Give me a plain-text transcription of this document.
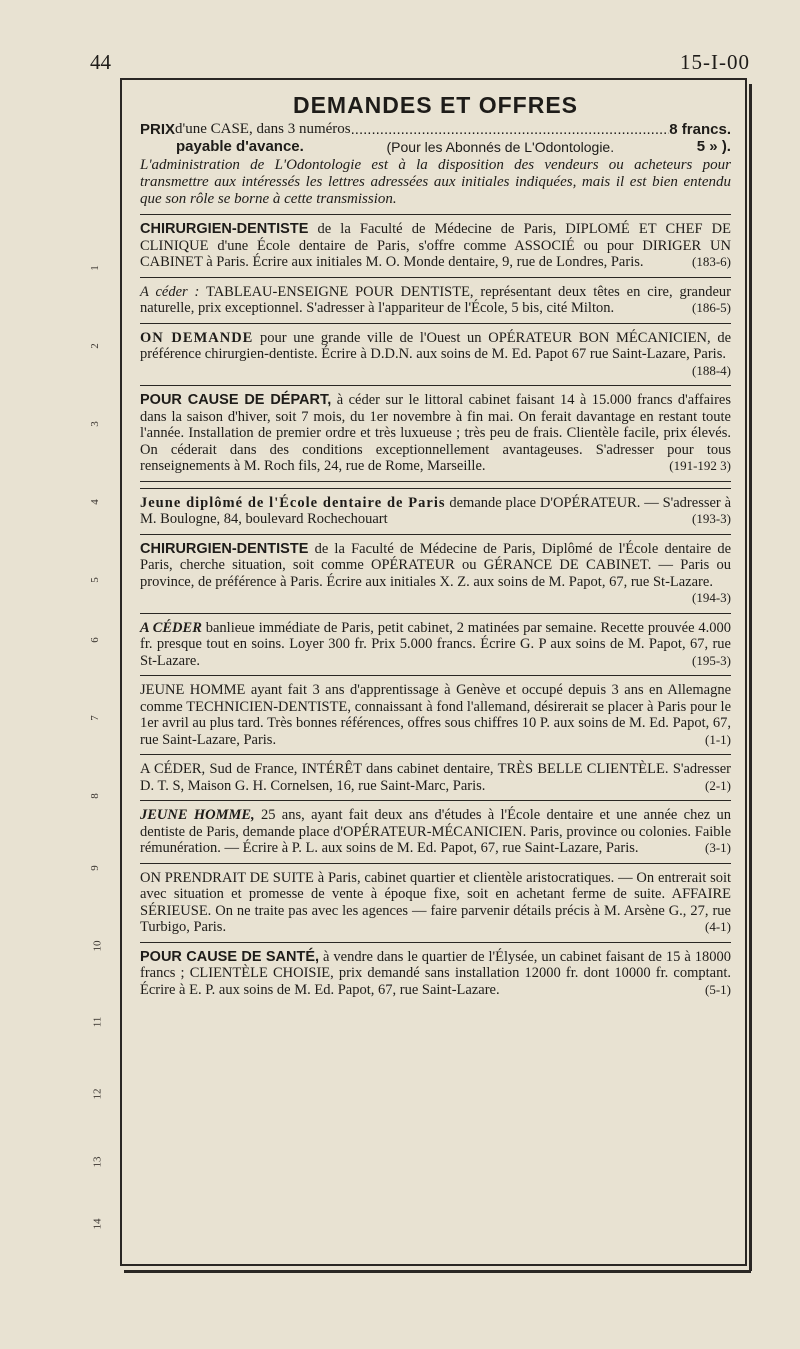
44	15-I-00
1
2
3
4
5
6
7
8
9
10
11
12
13
14
DEMANDES ET OFFRES
PRIX d'une CASE, dans 3 numéros
.....	8 francs.
payable d'avance.	(Pour les Abonnés de L'Odontologie.	5 » ).
L'administration de L'Odontologie est à la disposition des vendeurs ou acheteurs pour transmettre aux intéressés les lettres adressées aux initiales indiquées, mais il est bien entendu que son rôle se borne à cette transmission.
CHIRURGIEN-DENTISTE de la Faculté de Médecine de Paris, DIPLOMÉ ET CHEF DE CLINIQUE d'une École dentaire de Paris, s'offre comme ASSOCIÉ ou pour DIRIGER UN CABINET à Paris. Écrire aux initiales M. O. Monde dentaire, 9, rue de Londres, Paris.	(183-6)
A céder : TABLEAU-ENSEIGNE POUR DENTISTE, représentant deux têtes en cire, grandeur naturelle, prix exceptionnel. S'adresser à l'appariteur de l'École, 5 bis, cité Milton.	(186-5)
ON DEMANDE pour une grande ville de l'Ouest un OPÉRATEUR BON MÉCANICIEN, de préférence chirurgien-dentiste. Écrire à D.D.N. aux soins de M. Ed. Papot 67 rue Saint-Lazare, Paris.
(188-4)
POUR CAUSE DE DÉPART, à céder sur le littoral cabinet faisant 14 à 15.000 francs d'affaires dans la saison d'hiver, soit 7 mois, du 1er novembre à fin mai. On ferait davantage en restant toute l'année. Installation de premier ordre et très luxueuse ; très peu de frais. Clientèle facile, prix élevés. On céderait dans des conditions exceptionnellement avantageuses. S'adresser pour tous renseignements à M. Roch fils, 24, rue de Rome, Marseille.	(191-192 3)
Jeune diplômé de l'École dentaire de Paris demande place D'OPÉRATEUR. — S'adresser à M. Boulogne, 84, boulevard Rochechouart	(193-3)
CHIRURGIEN-DENTISTE de la Faculté de Médecine de Paris, Diplômé de l'École dentaire de Paris, cherche situation, soit comme OPÉRATEUR ou GÉRANCE DE CABINET. — Paris ou province, de préférence à Paris. Écrire aux initiales X. Z. aux soins de M. Papot, 67, rue St-Lazare.
(194-3)
A CÉDER banlieue immédiate de Paris, petit cabinet, 2 matinées par semaine. Recette prouvée 4.000 fr. presque tout en soins. Loyer 300 fr. Prix 5.000 francs. Écrire G. P aux soins de M. Papot, 67, rue St-Lazare.	(195-3)
JEUNE HOMME ayant fait 3 ans d'apprentissage à Genève et occupé depuis 3 ans en Allemagne comme TECHNICIEN-DENTISTE, connaissant à fond l'allemand, désirerait se placer à Paris pour le 1er avril au plus tard. Très bonnes références, offres sous chiffres 10 P. aux soins de M. Ed. Papot, 67, rue Saint-Lazare, Paris.	(1-1)
A CÉDER, Sud de France, INTÉRÊT dans cabinet dentaire, TRÈS BELLE CLIENTÈLE. S'adresser D. T. S, Maison G. H. Cornelsen, 16, rue Saint-Marc, Paris.	(2-1)
JEUNE HOMME, 25 ans, ayant fait deux ans d'études à l'École dentaire et une année chez un dentiste de Paris, demande place d'OPÉRATEUR-MÉCANICIEN. Paris, province ou colonies. Faible rémunération. — Écrire à P. L. aux soins de M. Ed. Papot, 67, rue Saint-Lazare, Paris.	(3-1)
ON PRENDRAIT DE SUITE à Paris, cabinet quartier et clientèle aristocratiques. — On entrerait soit avec situation et promesse de vente à époque fixe, soit en achetant ferme de suite. AFFAIRE SÉRIEUSE. On ne traite pas avec les agences — faire parvenir détails précis à M. Arsène G., 27, rue Turbigo, Paris.	(4-1)
POUR CAUSE DE SANTÉ, à vendre dans le quartier de l'Élysée, un cabinet faisant de 15 à 18000 francs ; CLIENTÈLE CHOISIE, prix demandé sans installation 12000 fr. dont 10000 fr. comptant. Écrire à E. P. aux soins de M. Ed. Papot, 67, rue Saint-Lazare.	(5-1)
